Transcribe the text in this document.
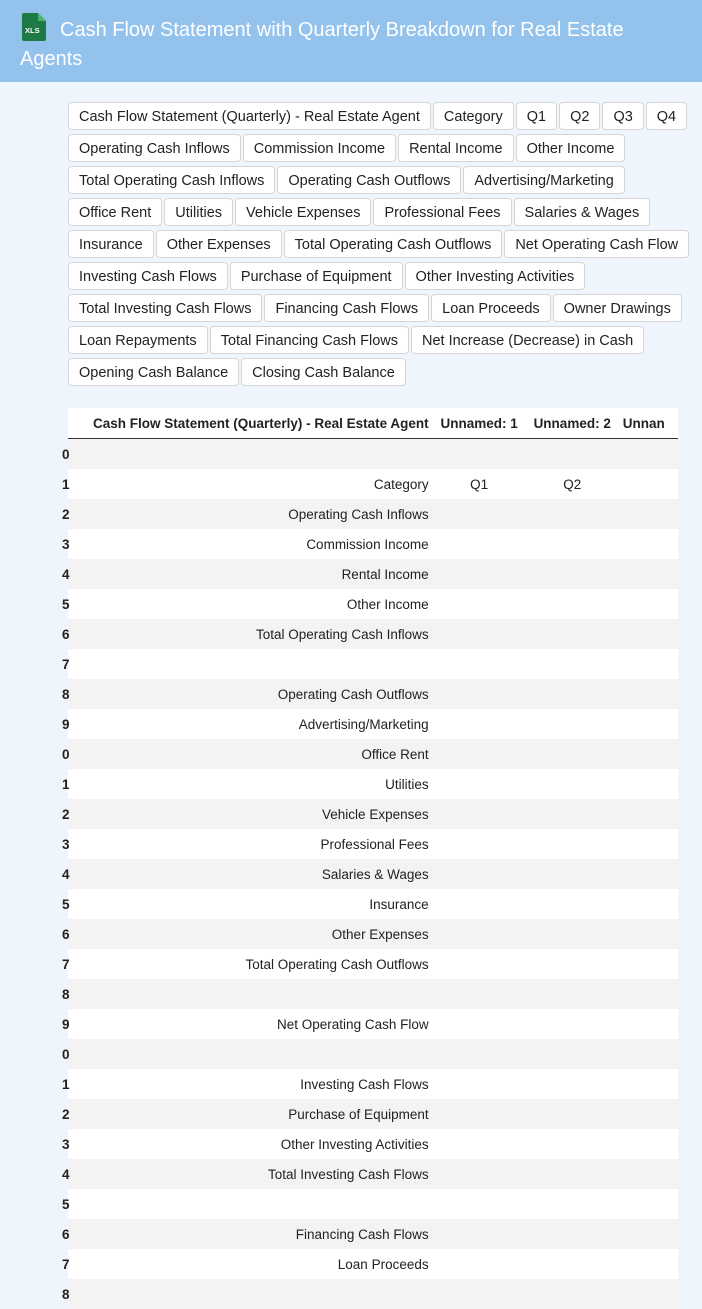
XLS Cash Flow Statement with Quarterly Breakdown for Real Estate Agents
Cash Flow Statement (Quarterly) - Real Estate Agent	Category	Q1	Q2	Q3	Q4
Operating Cash Inflows	Commission Income	Rental Income	Other Income
Total Operating Cash Inflows	Operating Cash Outflows	Advertising/Marketing
Office Rent	Utilities	Vehicle Expenses	Professional Fees	Salaries & Wages
Insurance	Other Expenses	Total Operating Cash Outflows	Net Operating Cash Flow
Investing Cash Flows	Purchase of Equipment	Other Investing Activities
Total Investing Cash Flows	Financing Cash Flows	Loan Proceeds	Owner Drawings
Loan Repayments	Total Financing Cash Flows	Net Increase (Decrease) in Cash
Opening Cash Balance	Closing Cash Balance
	Cash Flow Statement (Quarterly) - Real Estate Agent	Unnamed: 1	Unnamed: 2	Unnan
0				
1	Category	Q1	Q2	
2	Operating Cash Inflows			
3	Commission Income			
4	Rental Income			
5	Other Income			
6	Total Operating Cash Inflows			
7				
8	Operating Cash Outflows			
9	Advertising/Marketing			
0	Office Rent			
1	Utilities			
2	Vehicle Expenses			
3	Professional Fees			
4	Salaries & Wages			
5	Insurance			
6	Other Expenses			
7	Total Operating Cash Outflows			
8				
9	Net Operating Cash Flow			
0				
1	Investing Cash Flows			
2	Purchase of Equipment			
3	Other Investing Activities			
4	Total Investing Cash Flows			
5				
6	Financing Cash Flows			
7	Loan Proceeds			
8				
